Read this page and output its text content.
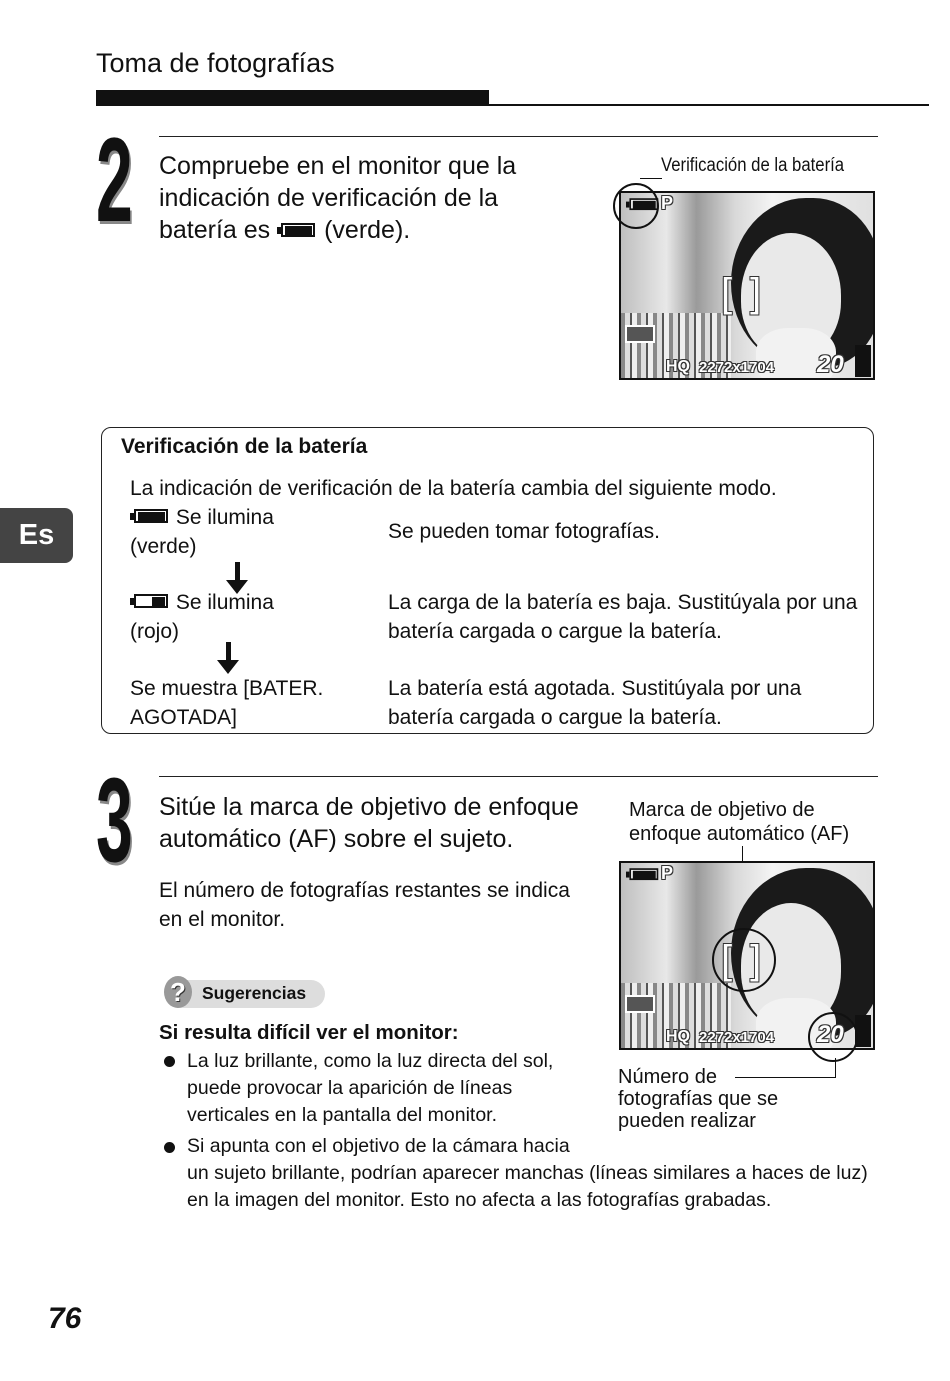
Toma de fotografías
Es
2 Compruebe en el monitor que la indicación de verificación de la batería es (verde).
Verificación de la batería
[]
P
HQ 2272x1704 20
Verificación de la batería
La indicación de verificación de la batería cambia del siguiente modo.
Se ilumina
(verde)
Se pueden tomar fotografías.
Se ilumina
(rojo)
La carga de la batería es baja. Sustitúyala por una batería cargada o cargue la batería.
Se muestra [BATER.
AGOTADA]
La batería está agotada. Sustitúyala por una batería cargada o cargue la batería.
3 Sitúe la marca de objetivo de enfoque automático (AF) sobre el sujeto.
El número de fotografías restantes se indica en el monitor.
Marca de objetivo de enfoque automático (AF)
[]
P
HQ 2272x1704 20
Número de
fotografías que se
pueden realizar
? Sugerencias
Si resulta difícil ver el monitor:
La luz brillante, como la luz directa del sol, puede provocar la aparición de líneas verticales en la pantalla del monitor.
Si apunta con el objetivo de la cámara hacia
un sujeto brillante, podrían aparecer manchas (líneas similares a haces de luz) en la imagen del monitor. Esto no afecta a las fotografías grabadas.
76
